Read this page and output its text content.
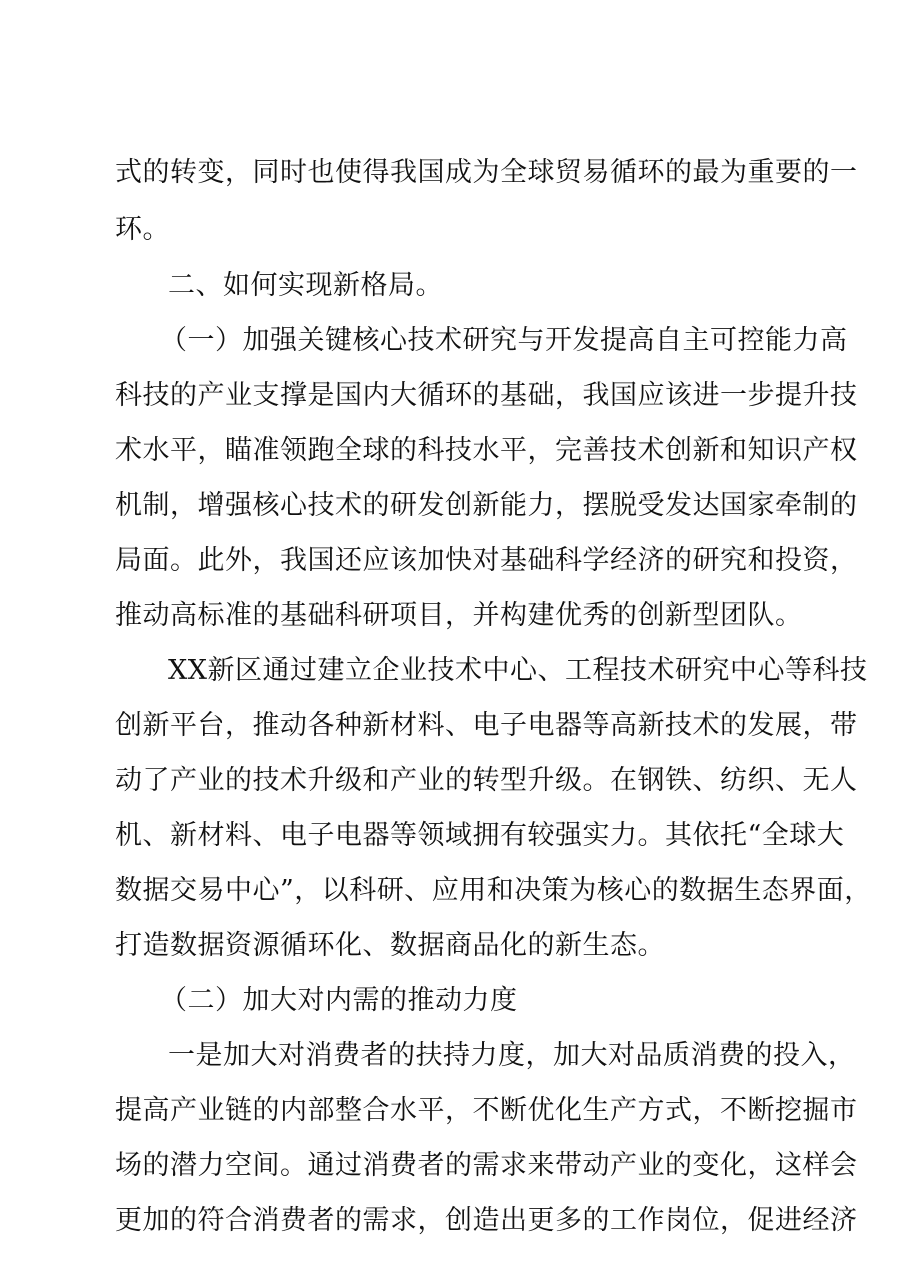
式的转变，同时也使得我国成为全球贸易循环的最为重要的一
环。
二、如何实现新格局。
（一）加强关键核心技术研究与开发提高自主可控能力高
科技的产业支撑是国内大循环的基础，我国应该进一步提升技
术水平，瞄准领跑全球的科技水平，完善技术创新和知识产权
机制，增强核心技术的研发创新能力，摆脱受发达国家牵制的
局面。此外，我国还应该加快对基础科学经济的研究和投资，
推动高标准的基础科研项目，并构建优秀的创新型团队。
XX新区通过建立企业技术中心、工程技术研究中心等科技
创新平台，推动各种新材料、电子电器等高新技术的发展，带
动了产业的技术升级和产业的转型升级。在钢铁、纺织、无人
机、新材料、电子电器等领域拥有较强实力。其依托“全球大
数据交易中心”，以科研、应用和决策为核心的数据生态界面，
打造数据资源循环化、数据商品化的新生态。
（二）加大对内需的推动力度
一是加大对消费者的扶持力度，加大对品质消费的投入，
提高产业链的内部整合水平，不断优化生产方式，不断挖掘市
场的潜力空间。通过消费者的需求来带动产业的变化，这样会
更加的符合消费者的需求，创造出更多的工作岗位，促进经济
